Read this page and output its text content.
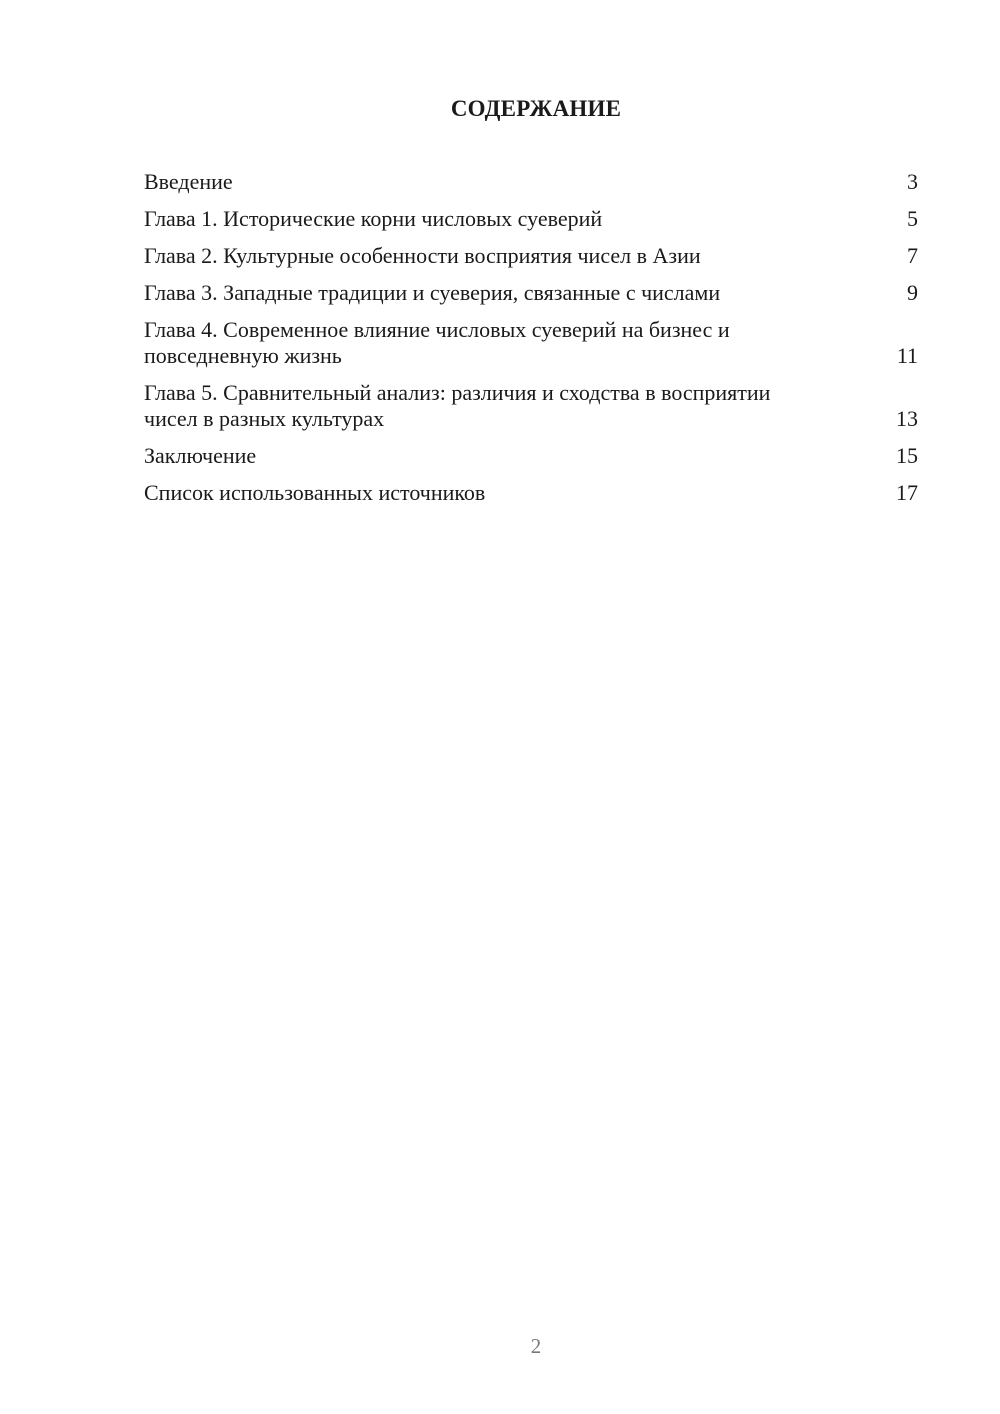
СОДЕРЖАНИЕ
Введение	3
Глава 1. Исторические корни числовых суеверий	5
Глава 2. Культурные особенности восприятия чисел в Азии	7
Глава 3. Западные традиции и суеверия, связанные с числами	9
Глава 4. Современное влияние числовых суеверий на бизнес и повседневную жизнь	11
Глава 5. Сравнительный анализ: различия и сходства в восприятии чисел в разных культурах	13
Заключение	15
Список использованных источников	17
2
